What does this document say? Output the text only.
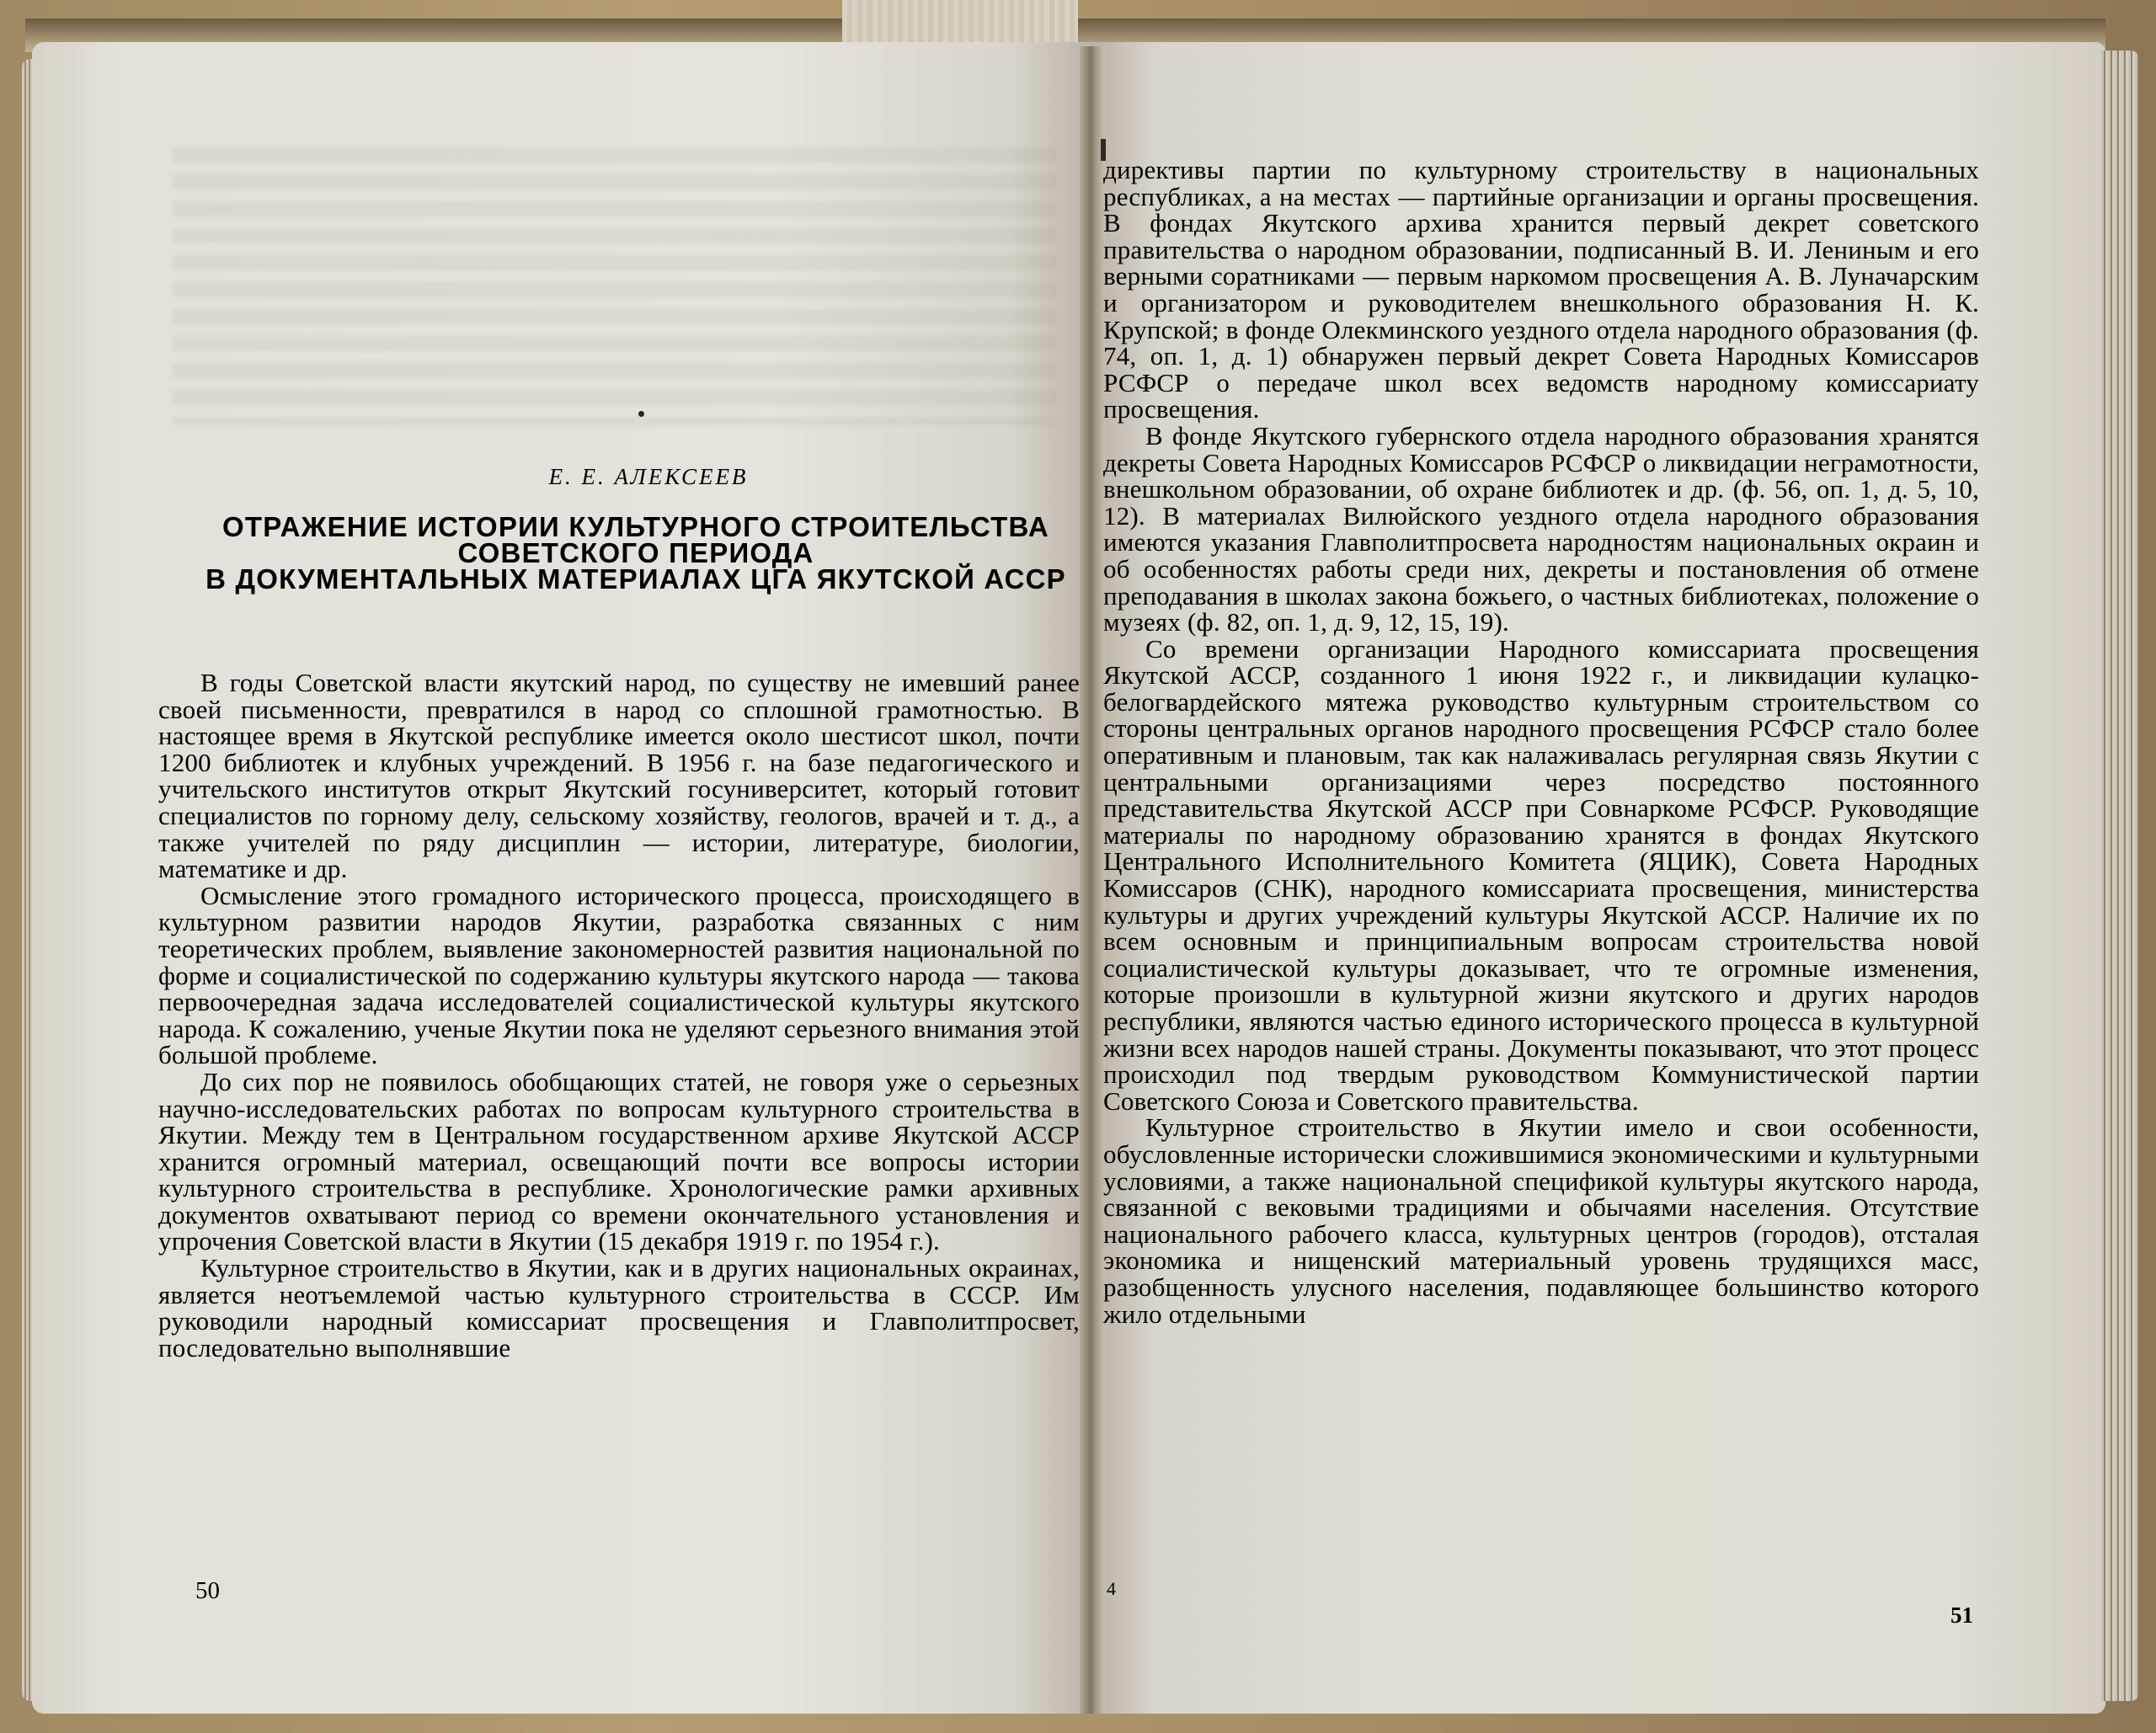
Е. Е. АЛЕКСЕЕВ
ОТРАЖЕНИЕ ИСТОРИИ КУЛЬТУРНОГО СТРОИТЕЛЬСТВА
СОВЕТСКОГО ПЕРИОДА
В ДОКУМЕНТАЛЬНЫХ МАТЕРИАЛАХ ЦГА ЯКУТСКОЙ АССР

В годы Советской власти якутский народ, по существу не имевший ранее своей письменности, превратился в народ со сплошной грамотностью. В настоящее время в Якутской республике имеется около шестисот школ, почти 1200 библиотек и клубных учреждений. В 1956 г. на базе педагогического и учительского институтов открыт Якутский госуниверситет, который готовит специалистов по горному делу, сельскому хозяйству, геологов, врачей и т. д., а также учителей по ряду дисциплин — истории, литературе, биологии, математике и др.

Осмысление этого громадного исторического процесса, происходящего в культурном развитии народов Якутии, разработка связанных с ним теоретических проблем, выявление закономерностей развития национальной по форме и социалистической по содержанию культуры якутского народа — такова первоочередная задача исследователей социалистической культуры якутского народа. К сожалению, ученые Якутии пока не уделяют серьезного внимания этой большой проблеме.

До сих пор не появилось обобщающих статей, не говоря уже о серьезных научно-исследовательских работах по вопросам культурного строительства в Якутии. Между тем в Центральном государственном архиве Якутской АССР хранится огромный материал, освещающий почти все вопросы истории культурного строительства в республике. Хронологические рамки архивных документов охватывают период со времени окончательного установления и упрочения Советской власти в Якутии (15 декабря 1919 г. по 1954 г.).

Культурное строительство в Якутии, как и в других национальных окраинах, является неотъемлемой частью культурного строительства в СССР. Им руководили народный комиссариат просвещения и Главполитпросвет, последовательно выполнявшие

директивы партии по культурному строительству в национальных республиках, а на местах — партийные организации и органы просвещения. В фондах Якутского архива хранится первый декрет советского правительства о народном образовании, подписанный В. И. Лениным и его верными соратниками — первым наркомом просвещения А. В. Луначарским и организатором и руководителем внешкольного образования Н. К. Крупской; в фонде Олекминского уездного отдела народного образования (ф. 74, оп. 1, д. 1) обнаружен первый декрет Совета Народных Комиссаров РСФСР о передаче школ всех ведомств народному комиссариату просвещения.

В фонде Якутского губернского отдела народного образования хранятся декреты Совета Народных Комиссаров РСФСР о ликвидации неграмотности, внешкольном образовании, об охране библиотек и др. (ф. 56, оп. 1, д. 5, 10, 12). В материалах Вилюйского уездного отдела народного образования имеются указания Главполитпросвета народностям национальных окраин и об особенностях работы среди них, декреты и постановления об отмене преподавания в школах закона божьего, о частных библиотеках, положение о музеях (ф. 82, оп. 1, д. 9, 12, 15, 19).

Со времени организации Народного комиссариата просвещения Якутской АССР, созданного 1 июня 1922 г., и ликвидации кулацко-белогвардейского мятежа руководство культурным строительством со стороны центральных органов народного просвещения РСФСР стало более оперативным и плановым, так как налаживалась регулярная связь Якутии с центральными организациями через посредство постоянного представительства Якутской АССР при Совнаркоме РСФСР. Руководящие материалы по народному образованию хранятся в фондах Якутского Центрального Исполнительного Комитета (ЯЦИК), Совета Народных Комиссаров (СНК), народного комиссариата просвещения, министерства культуры и других учреждений культуры Якутской АССР. Наличие их по всем основным и принципиальным вопросам строительства новой социалистической культуры доказывает, что те огромные изменения, которые произошли в культурной жизни якутского и других народов республики, являются частью единого исторического процесса в культурной жизни всех народов нашей страны. Документы показывают, что этот процесс происходил под твердым руководством Коммунистической партии Советского Союза и Советского правительства.

Культурное строительство в Якутии имело и свои особенности, обусловленные исторически сложившимися экономическими и культурными условиями, а также национальной спецификой культуры якутского народа, связанной с вековыми традициями и обычаями населения. Отсутствие национального рабочего класса, культурных центров (городов), отсталая экономика и нищенский материальный уровень трудящихся масс, разобщенность улусного населения, подавляющее большинство которого жило отдельными

50	4
51
